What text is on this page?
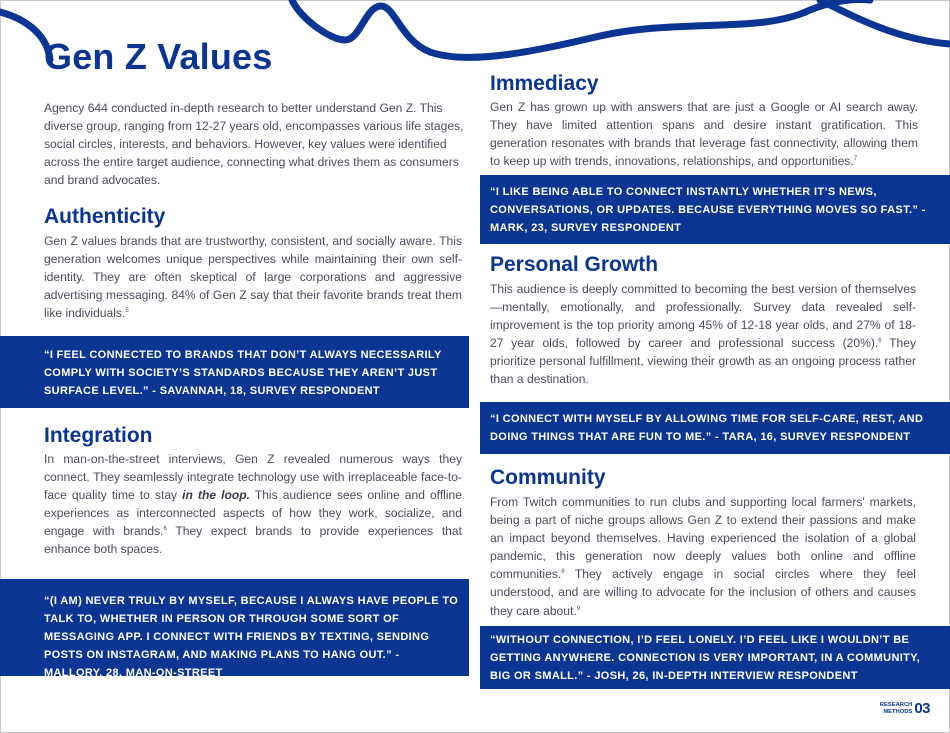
Gen Z Values

Agency 644 conducted in-depth research to better understand Gen Z. This diverse group, ranging from 12-27 years old, encompasses various life stages, social circles, interests, and behaviors. However, key values were identified across the entire target audience, connecting what drives them as consumers and brand advocates.

Authenticity

Gen Z values brands that are trustworthy, consistent, and socially aware. This generation welcomes unique perspectives while maintaining their own self-identity. They are often skeptical of large corporations and aggressive advertising messaging. 84% of Gen Z say that their favorite brands treat them like individuals.$^5$

“I FEEL CONNECTED TO BRANDS THAT DON’T ALWAYS NECESSARILY COMPLY WITH SOCIETY’S STANDARDS BECAUSE THEY AREN’T JUST SURFACE LEVEL.” - SAVANNAH, 18, SURVEY RESPONDENT
Integration

In man-on-the-street interviews, Gen Z revealed numerous ways they connect. They seamlessly integrate technology use with irreplaceable face-to-face quality time to stay in the loop. This audience sees online and offline experiences as interconnected aspects of how they work, socialize, and engage with brands.$^6$ They expect brands to provide experiences that enhance both spaces.

“(I AM) NEVER TRULY BY MYSELF, BECAUSE I ALWAYS HAVE PEOPLE TO TALK TO, WHETHER IN PERSON OR THROUGH SOME SORT OF MESSAGING APP. I CONNECT WITH FRIENDS BY TEXTING, SENDING POSTS ON INSTAGRAM, AND MAKING PLANS TO HANG OUT.” - MALLORY, 28, MAN-ON-STREET
Immediacy

Gen Z has grown up with answers that are just a Google or AI search away. They have limited attention spans and desire instant gratification. This generation resonates with brands that leverage fast connectivity, allowing them to keep up with trends, innovations, relationships, and opportunities.$^7$

“I LIKE BEING ABLE TO CONNECT INSTANTLY WHETHER IT’S NEWS, CONVERSATIONS, OR UPDATES. BECAUSE EVERYTHING MOVES SO FAST.” - MARK, 23, SURVEY RESPONDENT
Personal Growth

This audience is deeply committed to becoming the best version of themselves—mentally, emotionally, and professionally. Survey data revealed self-improvement is the top priority among 45% of 12-18 year olds, and 27% of 18-27 year olds, followed by career and professional success (20%).$^6$ They prioritize personal fulfillment, viewing their growth as an ongoing process rather than a destination.

“I CONNECT WITH MYSELF BY ALLOWING TIME FOR SELF-CARE, REST, AND DOING THINGS THAT ARE FUN TO ME.” - TARA, 16, SURVEY RESPONDENT
Community

From Twitch communities to run clubs and supporting local farmers' markets, being a part of niche groups allows Gen Z to extend their passions and make an impact beyond themselves. Having experienced the isolation of a global pandemic, this generation now deeply values both online and offline communities.$^8$ They actively engage in social circles where they feel understood, and are willing to advocate for the inclusion of others and causes they care about.$^9$

“WITHOUT CONNECTION, I’D FEEL LONELY. I’D FEEL LIKE I WOULDN’T BE GETTING ANYWHERE. CONNECTION IS VERY IMPORTANT, IN A COMMUNITY, BIG OR SMALL.” - JOSH, 26, IN-DEPTH INTERVIEW RESPONDENT
RESEARCH
METHODS 03
